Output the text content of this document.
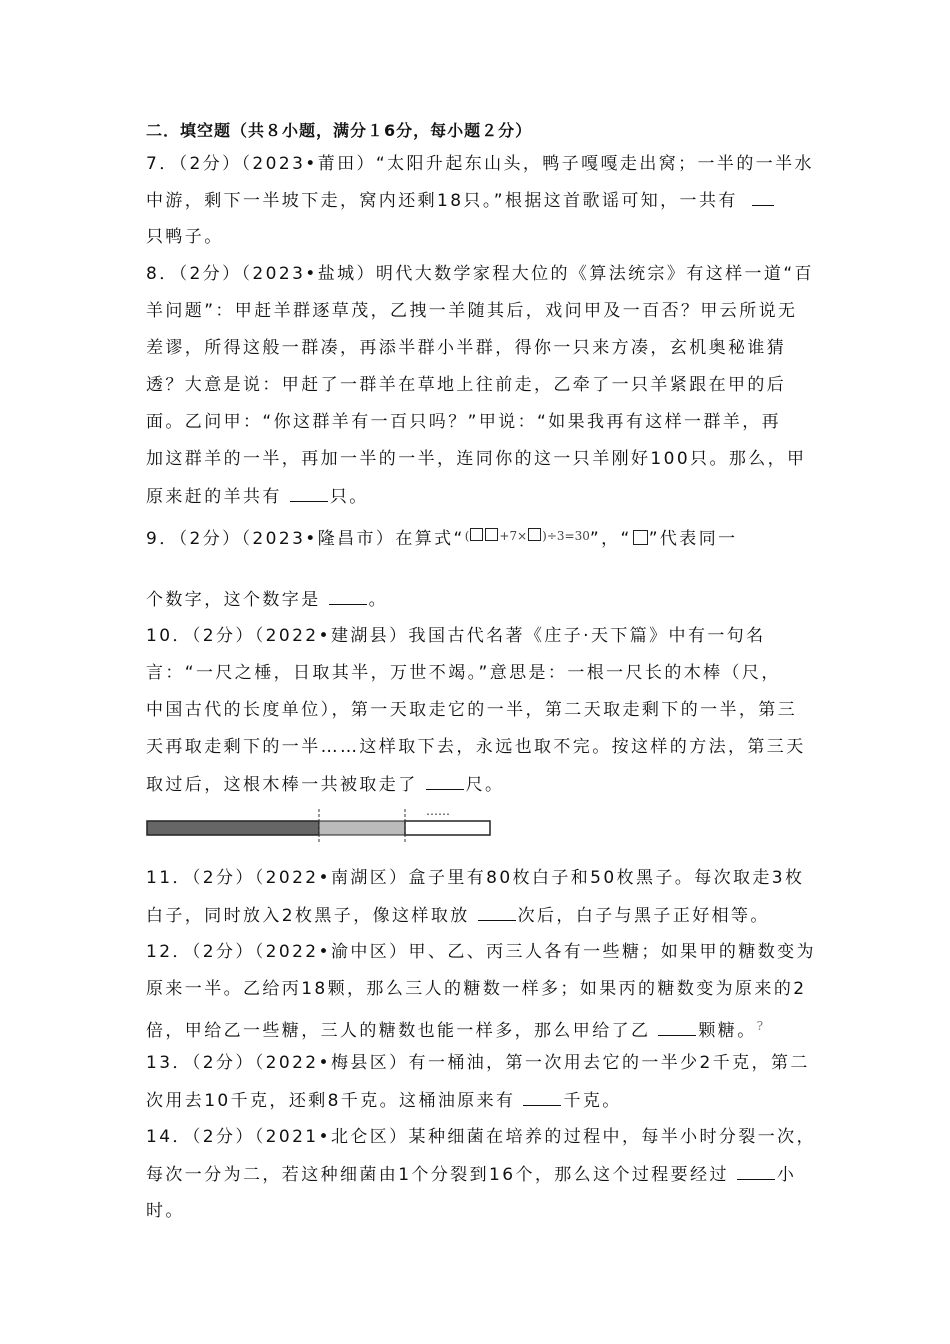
二．填空题（共８小题，满分１6分，每小题２分）
7．（2分）（2023•莆田）“太阳升起东山头，鸭子嘎嘎走出窝；一半的一半水
中游，剩下一半坡下走，窝内还剩18只。”根据这首歌谣可知，一共有
只鸭子。
8．（2分）（2023•盐城）明代大数学家程大位的《算法统宗》有这样一道“百
羊问题”：甲赶羊群逐草茂，乙拽一羊随其后，戏问甲及一百否？甲云所说无
差谬，所得这般一群凑，再添半群小半群，得你一只来方凑，玄机奥秘谁猜
透？大意是说：甲赶了一群羊在草地上往前走，乙牵了一只羊紧跟在甲的后
面。乙问甲：“你这群羊有一百只吗？”甲说：“如果我再有这样一群羊，再
加这群羊的一半，再加一半的一半，连同你的这一只羊刚好100只。那么，甲
原来赶的羊共有	只。
9．（2分）（2023•隆昌市）在算式“(	+7× )÷3=30”，“ ”代表同一
个数字，这个数字是	。
10．（2分）（2022•建湖县）我国古代名著《庄子·天下篇》中有一句名
言：“一尺之棰，日取其半，万世不竭。”意思是：一根一尺长的木棒（尺，
中国古代的长度单位），第一天取走它的一半，第二天取走剩下的一半，第三
天再取走剩下的一半……这样取下去，永远也取不完。按这样的方法，第三天
取过后，这根木棒一共被取走了	尺。
……
11．（2分）（2022•南湖区）盒子里有80枚白子和50枚黑子。每次取走3枚
白子，同时放入2枚黑子，像这样取放	次后，白子与黑子正好相等。
12．（2分）（2022•渝中区）甲、乙、丙三人各有一些糖；如果甲的糖数变为
原来一半。乙给丙18颗，那么三人的糖数一样多；如果丙的糖数变为原来的2
倍，甲给乙一些糖，三人的糖数也能一样多，那么甲给了乙	颗糖。?
13．（2分）（2022•梅县区）有一桶油，第一次用去它的一半少2千克，第二
次用去10千克，还剩8千克。这桶油原来有	千克。
14．（2分）（2021•北仑区）某种细菌在培养的过程中，每半小时分裂一次，
每次一分为二，若这种细菌由1个分裂到16个，那么这个过程要经过	小
时。
